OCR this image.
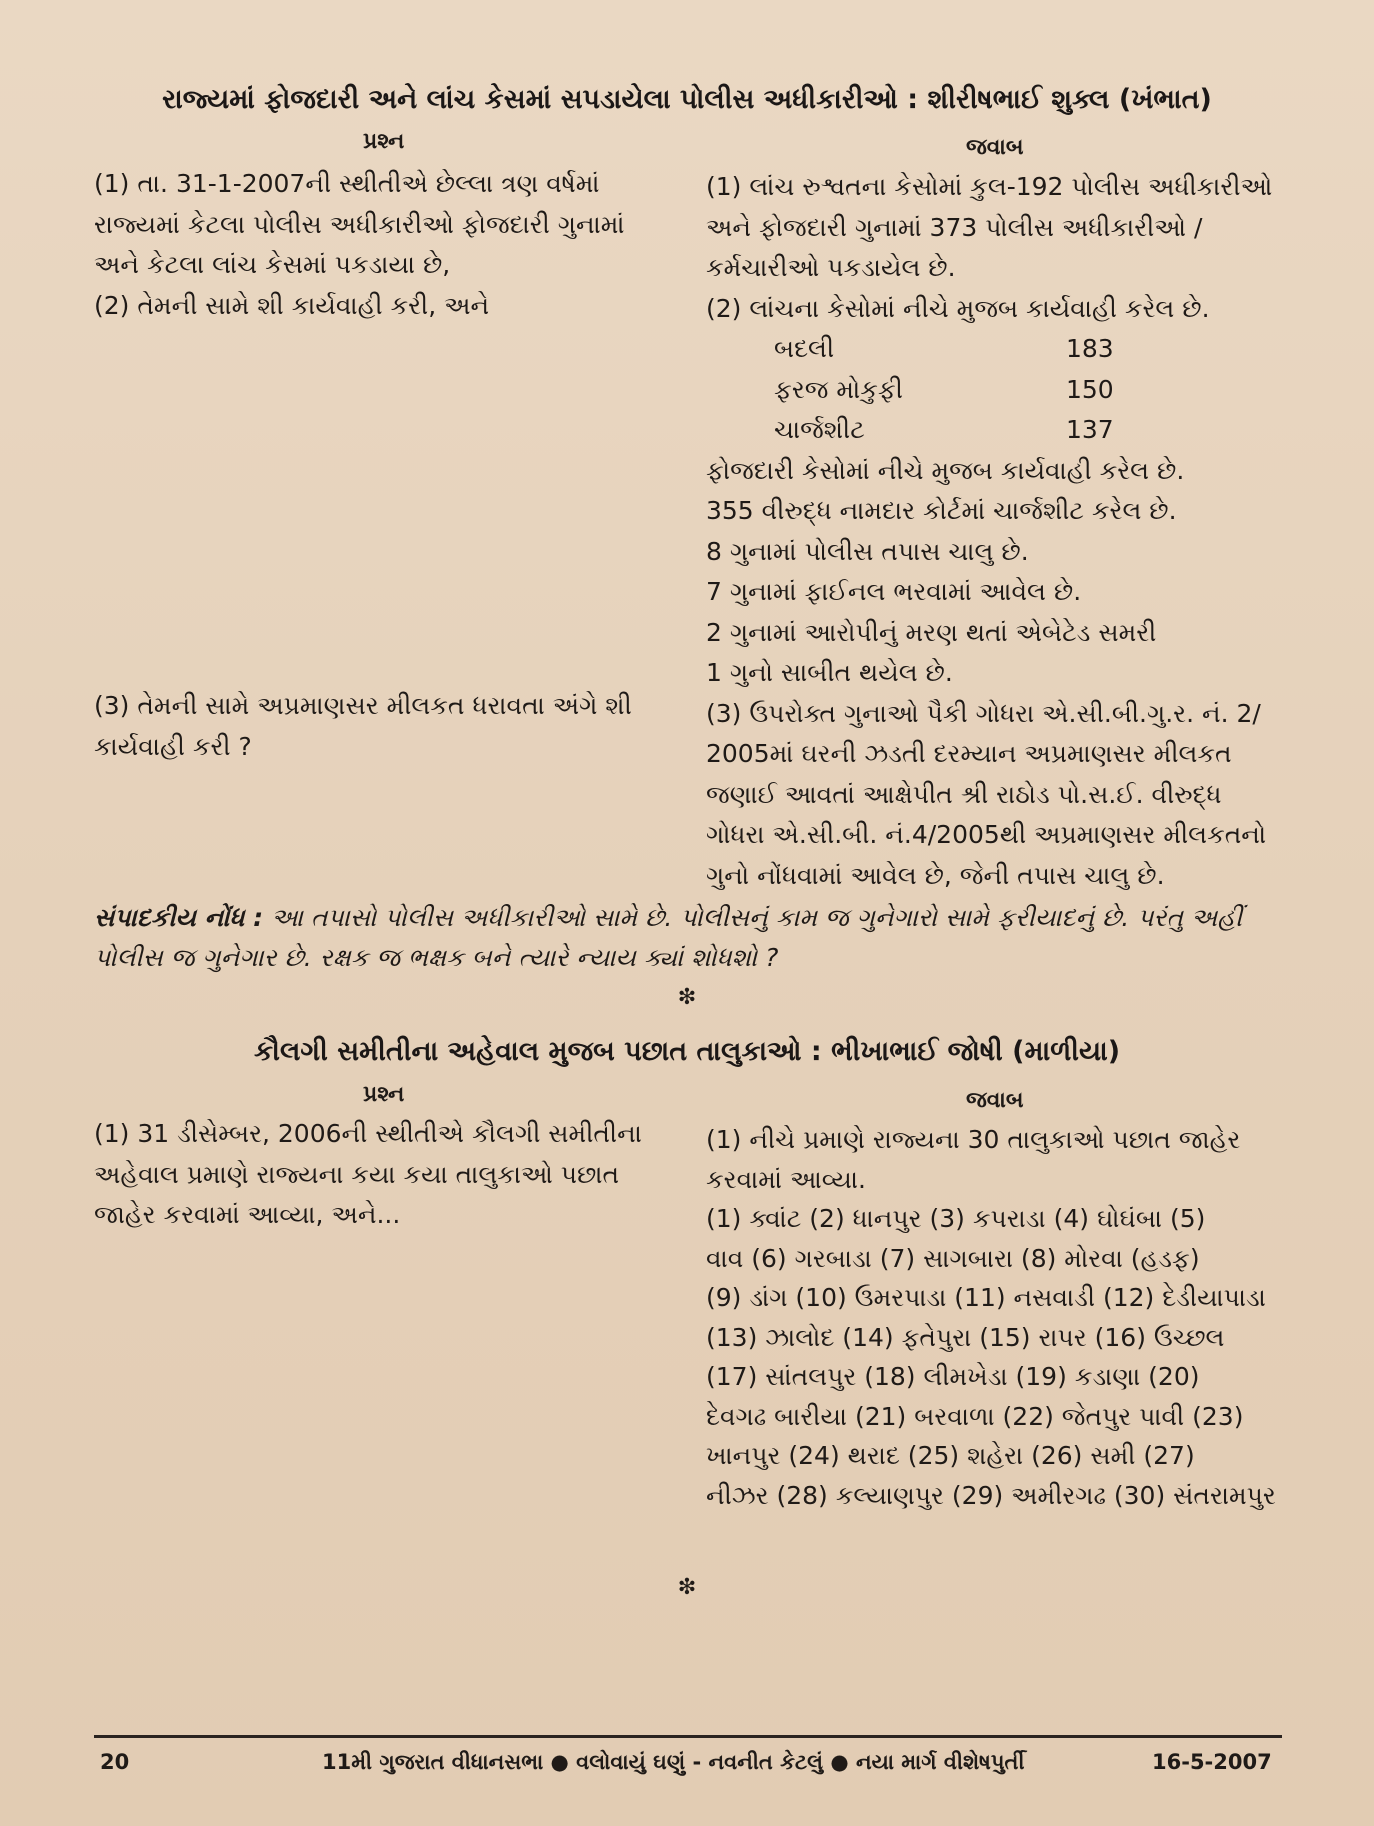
રાજ્યમાં ફોજદારી અને લાંચ કેસમાં સપડાયેલા પોલીસ અધીકારીઓ : શીરીષભાઈ શુક્લ (ખંભાત)
પ્રશ્ન	જવાબ

(1) તા. 31-1-2007ની સ્થીતીએ છેલ્લા ત્રણ વર્ષમાં

રાજ્યમાં કેટલા પોલીસ અધીકારીઓ ફોજદારી ગુનામાં

અને કેટલા લાંચ કેસમાં પકડાયા છે,

(2) તેમની સામે શી કાર્યવાહી કરી, અને

(3) તેમની સામે અપ્રમાણસર મીલકત ધરાવતા અંગે શી

કાર્યવાહી કરી ?

(1) લાંચ રુશ્વતના કેસોમાં કુલ-192 પોલીસ અધીકારીઓ

અને ફોજદારી ગુનામાં 373 પોલીસ અધીકારીઓ /

કર્મચારીઓ પકડાયેલ છે.

(2) લાંચના કેસોમાં નીચે મુજબ કાર્યવાહી કરેલ છે.

બદલી	183
ફરજ મોકુફી	150
ચાર્જશીટ	137

ફોજદારી કેસોમાં નીચે મુજબ કાર્યવાહી કરેલ છે.

355 વીરુદ્ધ નામદાર કોર્ટમાં ચાર્જશીટ કરેલ છે.

8 ગુનામાં પોલીસ તપાસ ચાલુ છે.

7 ગુનામાં ફાઈનલ ભરવામાં આવેલ છે.

2 ગુનામાં આરોપીનું મરણ થતાં એબેટેડ સમરી

1 ગુનો સાબીત થયેલ છે.

(3) ઉપરોક્ત ગુનાઓ પૈકી ગોધરા એ.સી.બી.ગુ.ર. નં. 2/

2005માં ઘરની ઝડતી દરમ્યાન અપ્રમાણસર મીલકત

જણાઈ આવતાં આક્ષેપીત શ્રી રાઠોડ પો.સ.ઈ. વીરુદ્ધ

ગોધરા એ.સી.બી. નં.4/2005થી અપ્રમાણસર મીલકતનો

ગુનો નોંધવામાં આવેલ છે, જેની તપાસ ચાલુ છે.

સંપાદકીય નોંધ : આ તપાસો પોલીસ અધીકારીઓ સામે છે. પોલીસનું કામ જ ગુનેગારો સામે ફરીયાદનું છે. પરંતુ અહીં
પોલીસ જ ગુનેગાર છે. રક્ષક જ ભક્ષક બને ત્યારે ન્યાય ક્યાં શોધશો ?
❇
કૌલગી સમીતીના અહેવાલ મુજબ પછાત તાલુકાઓ : ભીખાભાઈ જોષી (માળીયા)
પ્રશ્ન	જવાબ

(1) 31 ડીસેમ્બર, 2006ની સ્થીતીએ કૌલગી સમીતીના

અહેવાલ પ્રમાણે રાજ્યના કયા કયા તાલુકાઓ પછાત

જાહેર કરવામાં આવ્યા, અને...

(1) નીચે પ્રમાણે રાજ્યના 30 તાલુકાઓ પછાત જાહેર

કરવામાં આવ્યા.

(1) ક્વાંટ (2) ધાનપુર (3) કપરાડા (4) ઘોઘંબા (5)

વાવ (6) ગરબાડા (7) સાગબારા (8) મોરવા (હડફ)

(9) ડાંગ (10) ઉમરપાડા (11) નસવાડી (12) દેડીયાપાડા

(13) ઝાલોદ (14) ફતેપુરા (15) રાપર (16) ઉચ્છલ

(17) સાંતલપુર (18) લીમખેડા (19) કડાણા (20)

દેવગઢ બારીયા (21) બરવાળા (22) જેતપુર પાવી (23)

ખાનપુર (24) થરાદ (25) શહેરા (26) સમી (27)

નીઝર (28) કલ્યાણપુર (29) અમીરગઢ (30) સંતરામપુર

❇
20	11મી ગુજરાત વીધાનસભા ● વલોવાયું ઘણું - નવનીત કેટલું ● નયા માર્ગ વીશેષપુર્તી	16-5-2007
